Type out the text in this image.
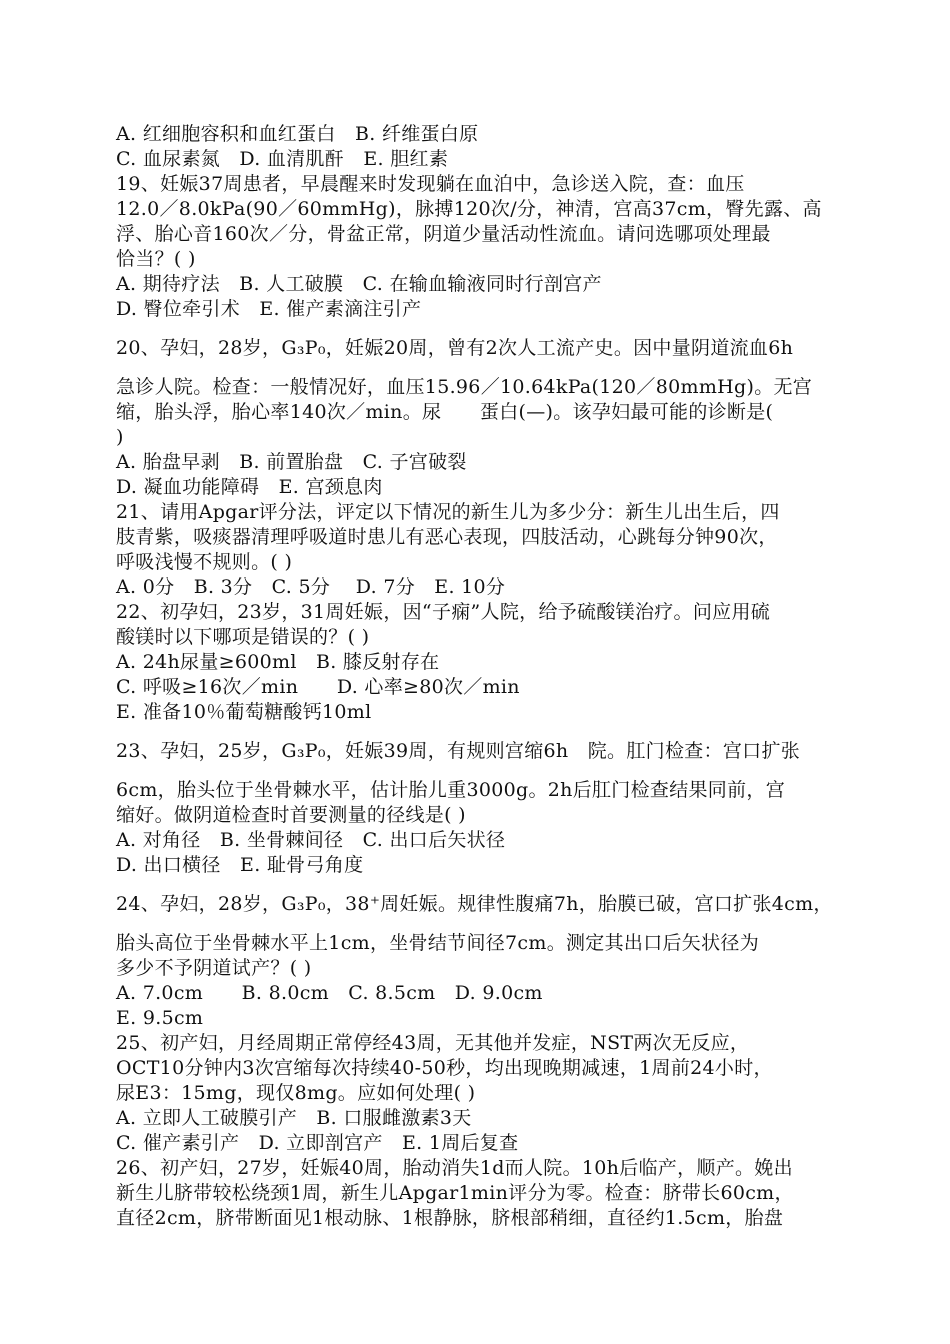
A. 红细胞容积和血红蛋白　B. 纤维蛋白原
C. 血尿素氮　D. 血清肌酐　E. 胆红素
19、妊娠37周患者，早晨醒来时发现躺在血泊中，急诊送入院，查：血压
12.0／8.0kPa(90／60mmHg)，脉搏120次/分，神清，宫高37cm，臀先露、高
浮、胎心音160次／分，骨盆正常，阴道少量活动性流血。请问选哪项处理最
恰当？( )
A. 期待疗法　B. 人工破膜　C. 在输血输液同时行剖宫产
D. 臀位牵引术　E. 催产素滴注引产
20、孕妇，28岁，G₃P₀，妊娠20周，曾有2次人工流产史。因中量阴道流血6h
急诊人院。检查：一般情况好，血压15.96／10.64kPa(120／80mmHg)。无宫
缩，胎头浮，胎心率140次／min。尿　　蛋白(—)。该孕妇最可能的诊断是(
)
A. 胎盘早剥　B. 前置胎盘　C. 子宫破裂
D. 凝血功能障碍　E. 宫颈息肉
21、请用Apgar评分法，评定以下情况的新生儿为多少分：新生儿出生后，四
肢青紫，吸痰器清理呼吸道时患儿有恶心表现，四肢活动，心跳每分钟90次，
呼吸浅慢不规则。( )
A. 0分　B. 3分　C. 5分　 D. 7分　E. 10分
22、初孕妇，23岁，31周妊娠，因“子痫”人院，给予硫酸镁治疗。问应用硫
酸镁时以下哪项是错误的？( )
A. 24h尿量≥600ml　B. 膝反射存在
C. 呼吸≥16次／min　　D. 心率≥80次／min
E. 准备10％葡萄糖酸钙10ml
23、孕妇，25岁，G₃P₀，妊娠39周，有规则宫缩6h　院。肛门检查：宫口扩张
6cm，胎头位于坐骨棘水平，估计胎儿重3000g。2h后肛门检查结果同前，宫
缩好。做阴道检查时首要测量的径线是( )
A. 对角径　B. 坐骨棘间径　C. 出口后矢状径
D. 出口横径　E. 耻骨弓角度
24、孕妇，28岁，G₃P₀，38⁺周妊娠。规律性腹痛7h，胎膜已破，宫口扩张4cm，
胎头高位于坐骨棘水平上1cm，坐骨结节间径7cm。测定其出口后矢状径为
多少不予阴道试产？( )
A. 7.0cm　　B. 8.0cm　C. 8.5cm　D. 9.0cm
E. 9.5cm
25、初产妇，月经周期正常停经43周，无其他并发症，NST两次无反应，
OCT10分钟内3次宫缩每次持续40-50秒，均出现晚期减速，1周前24小时，
尿E3：15mg，现仅8mg。应如何处理( )
A. 立即人工破膜引产　B. 口服雌激素3天
C. 催产素引产　D. 立即剖宫产　E. 1周后复查
26、初产妇，27岁，妊娠40周，胎动消失1d而人院。10h后临产，顺产。娩出
新生儿脐带较松绕颈1周，新生儿Apgar1min评分为零。检查：脐带长60cm，
直径2cm，脐带断面见1根动脉、1根静脉，脐根部稍细，直径约1.5cm，胎盘
